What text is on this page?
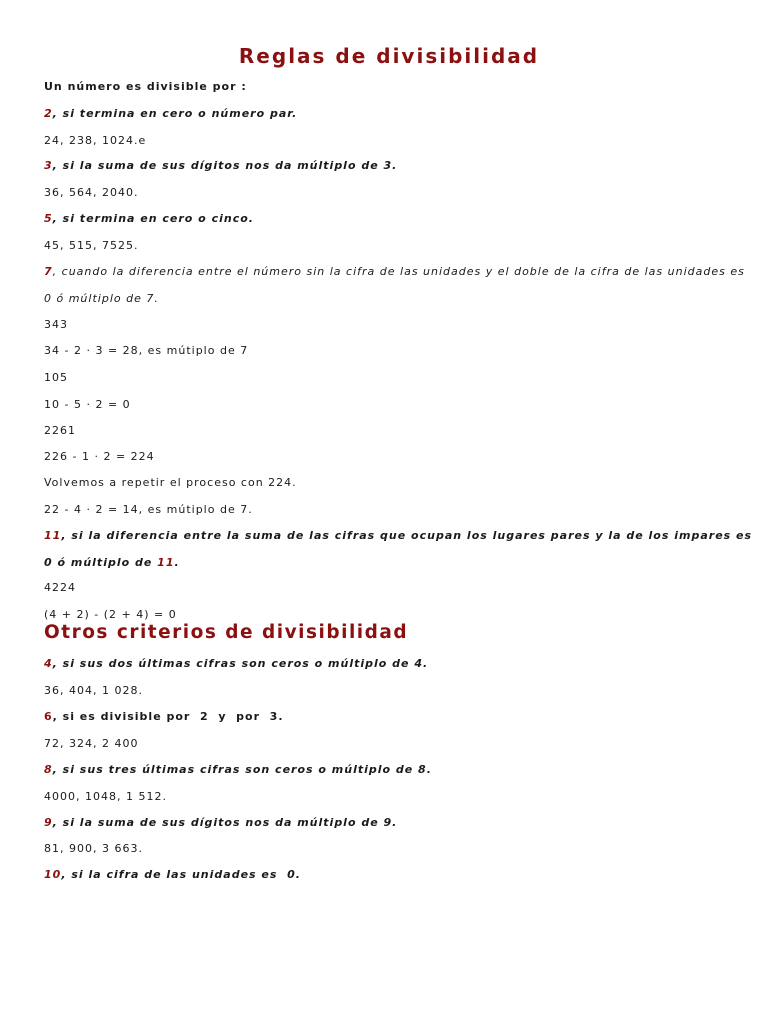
Reglas de divisibilidad

Un número es divisible por :

2, si termina en cero o número par.

24, 238, 1024.e

3, si la suma de sus dígitos nos da múltiplo de 3.

36, 564, 2040.

5, si termina en cero o cinco.

45, 515, 7525.

7, cuando la diferencia entre el número sin la cifra de las unidades y el doble de la cifra de las unidades es

0 ó múltiplo de 7.

343

34 - 2 · 3 = 28, es mútiplo de 7

105

10 - 5 · 2 = 0

2261

226 - 1 · 2 = 224

Volvemos a repetir el proceso con 224.

22 - 4 · 2 = 14, es mútiplo de 7.

11, si la diferencia entre la suma de las cifras que ocupan los lugares pares y la de los impares es

0 ó múltiplo de 11.

4224

(4 + 2) - (2 + 4) = 0

Otros criterios de divisibilidad

4, si sus dos últimas cifras son ceros o múltiplo de 4.

36, 404, 1 028.

6, si es divisible por  2  y  por  3.

72, 324, 2 400

8, si sus tres últimas cifras son ceros o múltiplo de 8.

4000, 1048, 1 512.

9, si la suma de sus dígitos nos da múltiplo de 9.

81, 900, 3 663.

10, si la cifra de las unidades es  0.
